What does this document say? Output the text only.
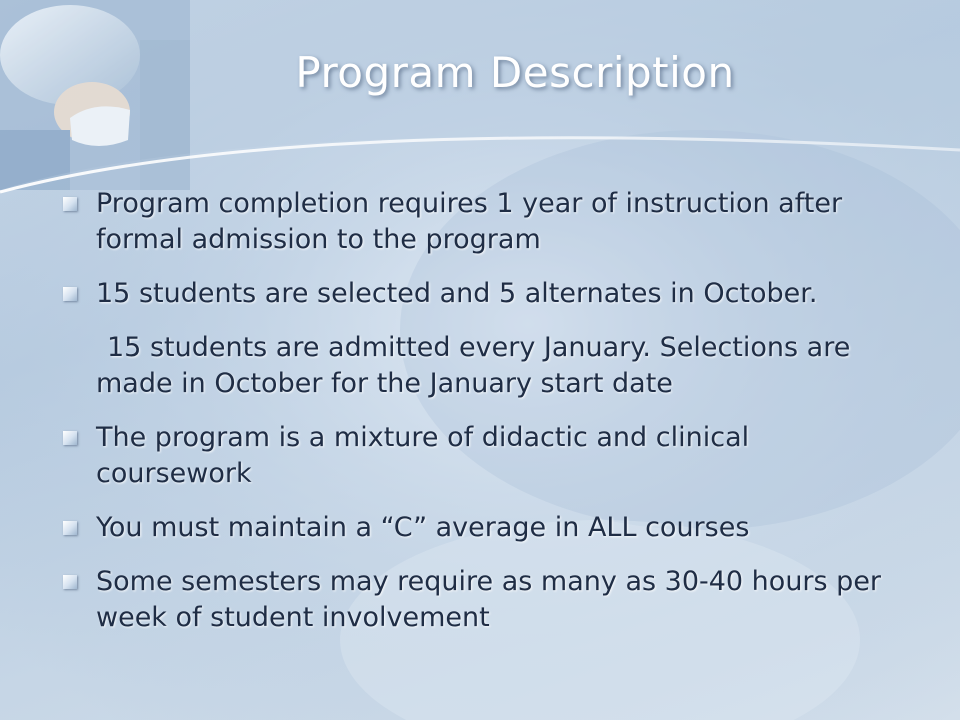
Program Description
Program completion requires 1 year of instruction after formal admission to the program
15 students are selected and 5 alternates in October.
15 students are admitted every January. Selections are made in October for the January start date
The program is a mixture of didactic and clinical coursework
You must maintain a “C” average in ALL courses
Some semesters may require as many as 30-40 hours per week of student involvement
